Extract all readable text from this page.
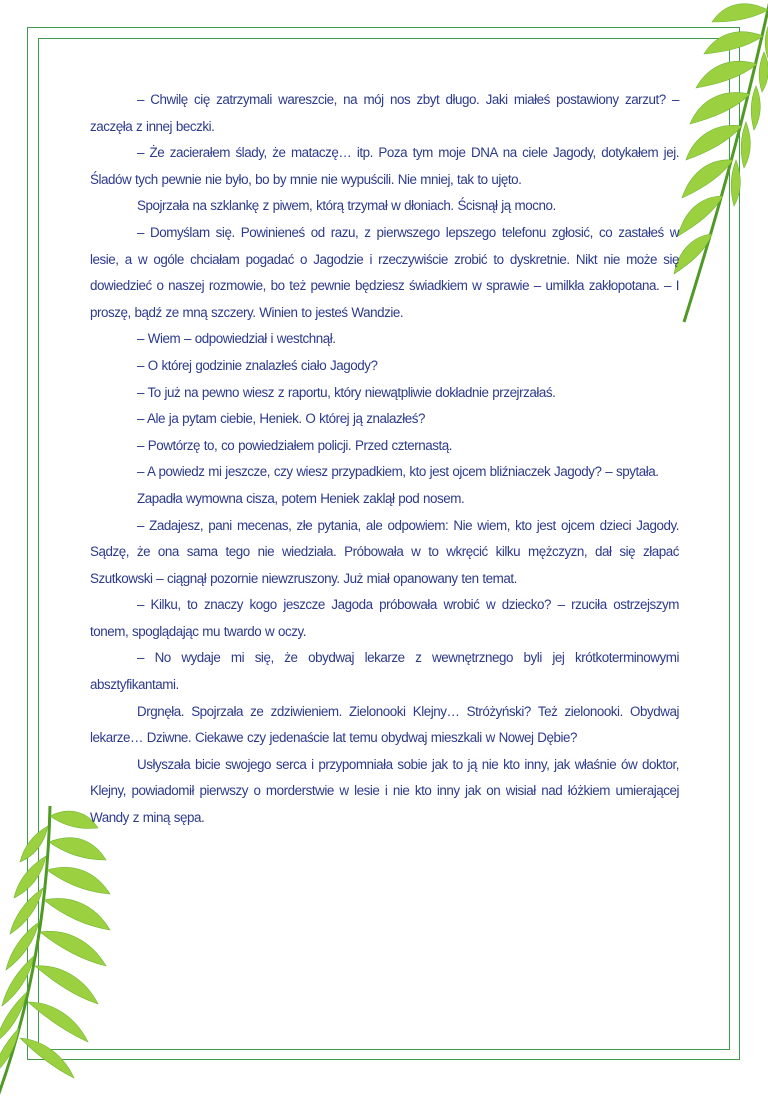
– Chwilę cię zatrzymali wareszcie, na mój nos zbyt długo. Jaki miałeś postawiony zarzut? – zaczęła z innej beczki.

– Że zacierałem ślady, że mataczę… itp. Poza tym moje DNA na ciele Jagody, dotykałem jej. Śladów tych pewnie nie było, bo by mnie nie wypuścili. Nie mniej, tak to ujęto.

Spojrzała na szklankę z piwem, którą trzymał w dłoniach. Ścisnął ją mocno.

– Domyślam się. Powinieneś od razu, z pierwszego lepszego telefonu zgłosić, co zastałeś w lesie, a w ogóle chciałam pogadać o Jagodzie i rzeczywiście zrobić to dyskretnie. Nikt nie może się dowiedzieć o naszej rozmowie, bo też pewnie będziesz świadkiem w sprawie – umilkła zakłopotana. – I proszę, bądź ze mną szczery. Winien to jesteś Wandzie.

– Wiem – odpowiedział i westchnął.

– O której godzinie znalazłeś ciało Jagody?

– To już na pewno wiesz z raportu, który niewątpliwie dokładnie przejrzałaś.

– Ale ja pytam ciebie, Heniek. O której ją znalazłeś?

– Powtórzę to, co powiedziałem policji. Przed czternastą.

– A powiedz mi jeszcze, czy wiesz przypadkiem, kto jest ojcem bliźniaczek Jagody? – spytała.

Zapadła wymowna cisza, potem Heniek zaklął pod nosem.

– Zadajesz, pani mecenas, złe pytania, ale odpowiem: Nie wiem, kto jest ojcem dzieci Jagody. Sądzę, że ona sama tego nie wiedziała. Próbowała w to wkręcić kilku mężczyzn, dał się złapać Szutkowski – ciągnął pozornie niewzruszony. Już miał opanowany ten temat.

– Kilku, to znaczy kogo jeszcze Jagoda próbowała wrobić w dziecko? – rzuciła ostrzejszym tonem, spoglądając mu twardo w oczy.

– No wydaje mi się, że obydwaj lekarze z wewnętrznego byli jej krótkoterminowymi absztyfikantami.

Drgnęła. Spojrzała ze zdziwieniem. Zielonooki Klejny… Stróżyński? Też zielonooki. Obydwaj lekarze… Dziwne. Ciekawe czy jedenaście lat temu obydwaj mieszkali w Nowej Dębie?

Usłyszała bicie swojego serca i przypomniała sobie jak to ją nie kto inny, jak właśnie ów doktor, Klejny, powiadomił pierwszy o morderstwie w lesie i nie kto inny jak on wisiał nad łóżkiem umierającej Wandy z miną sępa.
